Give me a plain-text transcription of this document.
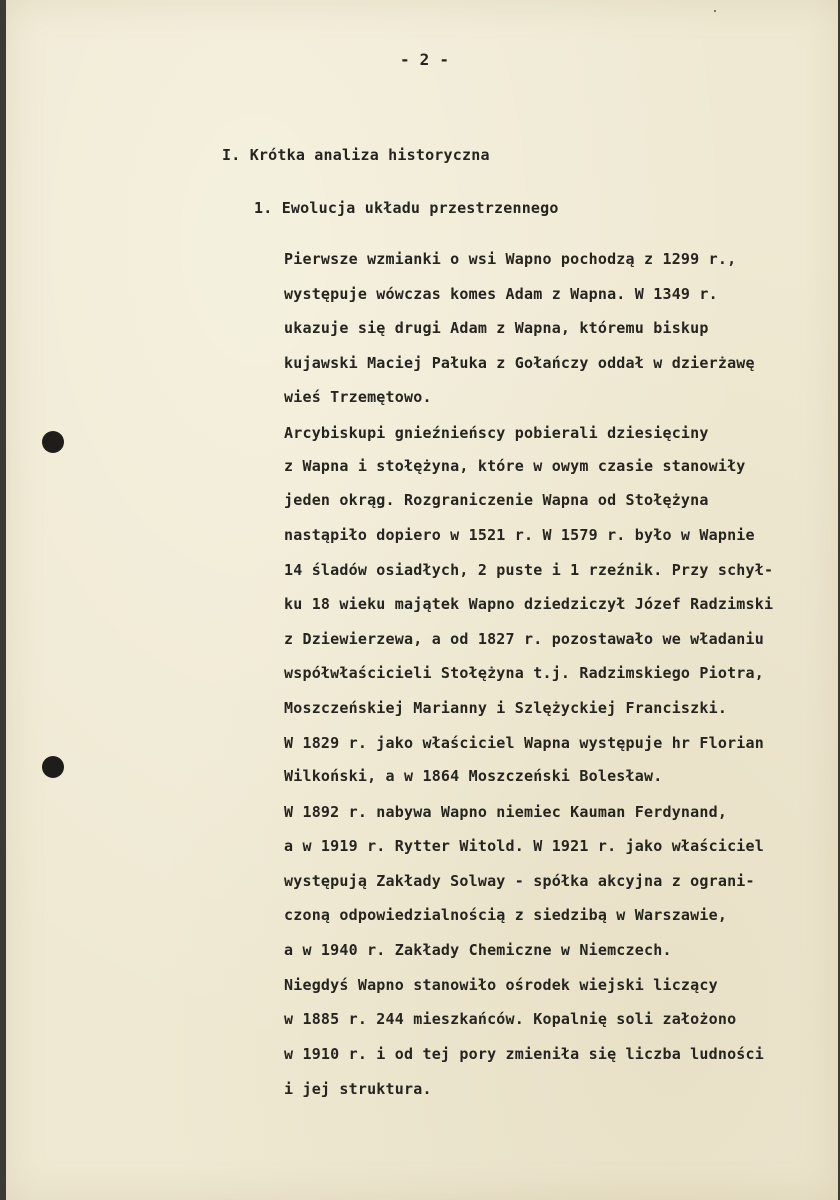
- 2 -
I. Krótka analiza historyczna
1. Ewolucja układu przestrzennego
Pierwsze wzmianki o wsi Wapno pochodzą z 1299 r.,
występuje wówczas komes Adam z Wapna. W 1349 r.
ukazuje się drugi Adam z Wapna, któremu biskup
kujawski Maciej Pałuka z Gołańczy oddał w dzierżawę
wieś Trzemętowo.
Arcybiskupi gnieźnieńscy pobierali dziesięciny
z Wapna i stołężyna, które w owym czasie stanowiły
jeden okrąg. Rozgraniczenie Wapna od Stołężyna
nastąpiło dopiero w 1521 r. W 1579 r. było w Wapnie
14 śladów osiadłych, 2 puste i 1 rzeźnik. Przy schył-
ku 18 wieku majątek Wapno dziedziczył Józef Radzimski
z Dziewierzewa, a od 1827 r. pozostawało we władaniu
współwłaścicieli Stołężyna t.j. Radzimskiego Piotra,
Moszczeńskiej Marianny i Szlężyckiej Franciszki.
W 1829 r. jako właściciel Wapna występuje hr Florian
Wilkoński, a w 1864 Moszczeński Bolesław.
W 1892 r. nabywa Wapno niemiec Kauman Ferdynand,
a w 1919 r. Rytter Witold. W 1921 r. jako właściciel
występują Zakłady Solway - spółka akcyjna z ograni-
czoną odpowiedzialnością z siedzibą w Warszawie,
a w 1940 r. Zakłady Chemiczne w Niemczech.
Niegdyś Wapno stanowiło ośrodek wiejski liczący
w 1885 r. 244 mieszkańców. Kopalnię soli założono
w 1910 r. i od tej pory zmieniła się liczba ludności
i jej struktura.
